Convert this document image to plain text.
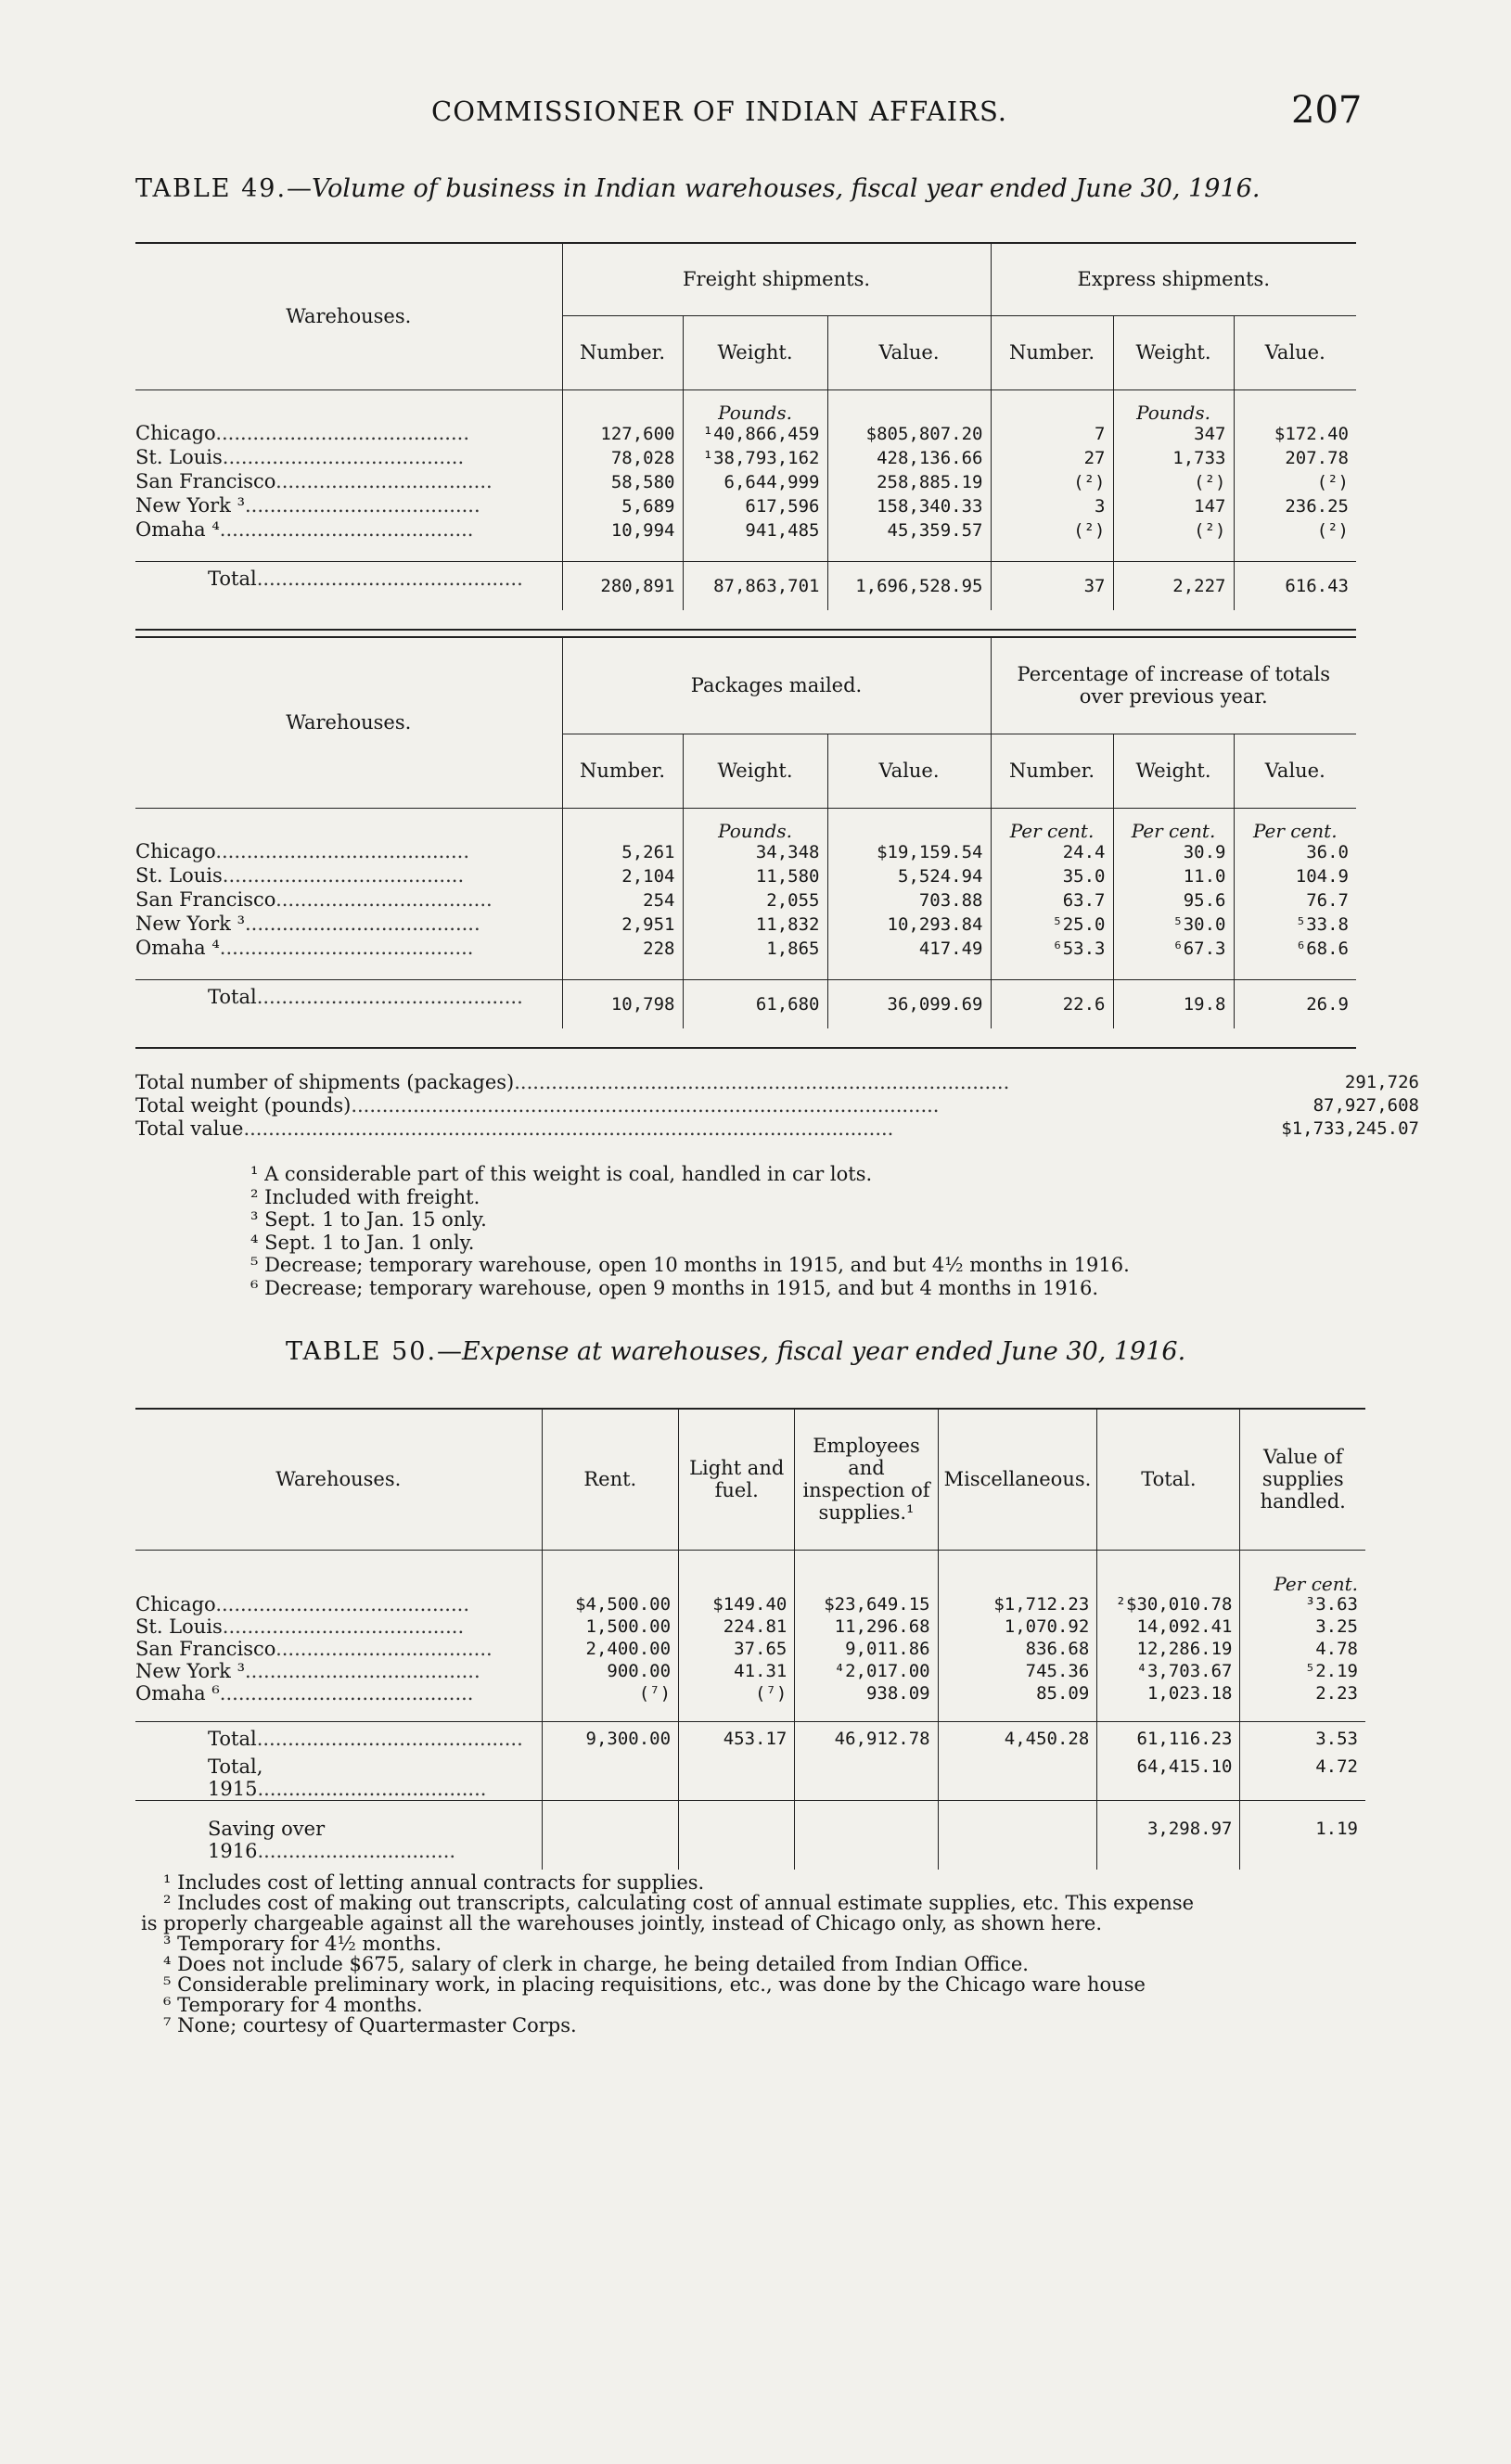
COMMISSIONER OF INDIAN AFFAIRS.	207
TABLE 49.—Volume of business in Indian warehouses, fiscal year ended June 30, 1916.
Warehouses.	Freight shipments.			Express shipments.		
	Number.	Weight.	Value.	Number.	Weight.	Value.
		Pounds.			Pounds.	
Chicago.........................................	127,600	¹40,866,459	$805,807.20	7	347	$172.40
St. Louis.......................................	78,028	¹38,793,162	428,136.66	27	1,733	207.78
San Francisco...................................	58,580	6,644,999	258,885.19	(²)	(²)	(²)
New York ³......................................	5,689	617,596	158,340.33	3	147	236.25
Omaha ⁴.........................................	10,994	941,485	45,359.57	(²)	(²)	(²)

Total...........................................	280,891	87,863,701	1,696,528.95	37	2,227	616.43
Warehouses.	Packages mailed.			Percentage of increase of totals over previous year.		
	Number.	Weight.	Value.	Number.	Weight.	Value.
		Pounds.		Per cent.	Per cent.	Per cent.
Chicago.........................................	5,261	34,348	$19,159.54	24.4	30.9	36.0
St. Louis.......................................	2,104	11,580	5,524.94	35.0	11.0	104.9
San Francisco...................................	254	2,055	703.88	63.7	95.6	76.7
New York ³......................................	2,951	11,832	10,293.84	⁵25.0	⁵30.0	⁵33.8
Omaha ⁴.........................................	228	1,865	417.49	⁶53.3	⁶67.3	⁶68.6

Total...........................................	10,798	61,680	36,099.69	22.6	19.8	26.9
Total number of shipments (packages)................................................................................	291,726
Total weight (pounds)...............................................................................................	87,927,608
Total value.........................................................................................................	$1,733,245.07
¹ A considerable part of this weight is coal, handled in car lots.
² Included with freight.
³ Sept. 1 to Jan. 15 only.
⁴ Sept. 1 to Jan. 1 only.
⁵ Decrease; temporary warehouse, open 10 months in 1915, and but 4½ months in 1916.
⁶ Decrease; temporary warehouse, open 9 months in 1915, and but 4 months in 1916.
TABLE 50.—Expense at warehouses, fiscal year ended June 30, 1916.
Warehouses.	Rent.	Light and fuel.	Employees and inspection of supplies.¹	Miscellaneous.	Total.	Value of supplies handled.
						Per cent.
Chicago.........................................	$4,500.00	$149.40	$23,649.15	$1,712.23	²$30,010.78	³3.63
St. Louis.......................................	1,500.00	224.81	11,296.68	1,070.92	14,092.41	3.25
San Francisco...................................	2,400.00	37.65	9,011.86	836.68	12,286.19	4.78
New York ³......................................	900.00	41.31	⁴2,017.00	745.36	⁴3,703.67	⁵2.19
Omaha ⁶.........................................	(⁷)	(⁷)	938.09	85.09	1,023.18	2.23

Total...........................................	9,300.00	453.17	46,912.78	4,450.28	61,116.23	3.53
Total, 1915.....................................					64,415.10	4.72
Saving over 1916................................					3,298.97	1.19
¹ Includes cost of letting annual contracts for supplies.
² Includes cost of making out transcripts, calculating cost of annual estimate supplies, etc. This expense
is properly chargeable against all the warehouses jointly, instead of Chicago only, as shown here.
³ Temporary for 4½ months.
⁴ Does not include $675, salary of clerk in charge, he being detailed from Indian Office.
⁵ Considerable preliminary work, in placing requisitions, etc., was done by the Chicago ware house
⁶ Temporary for 4 months.
⁷ None; courtesy of Quartermaster Corps.
